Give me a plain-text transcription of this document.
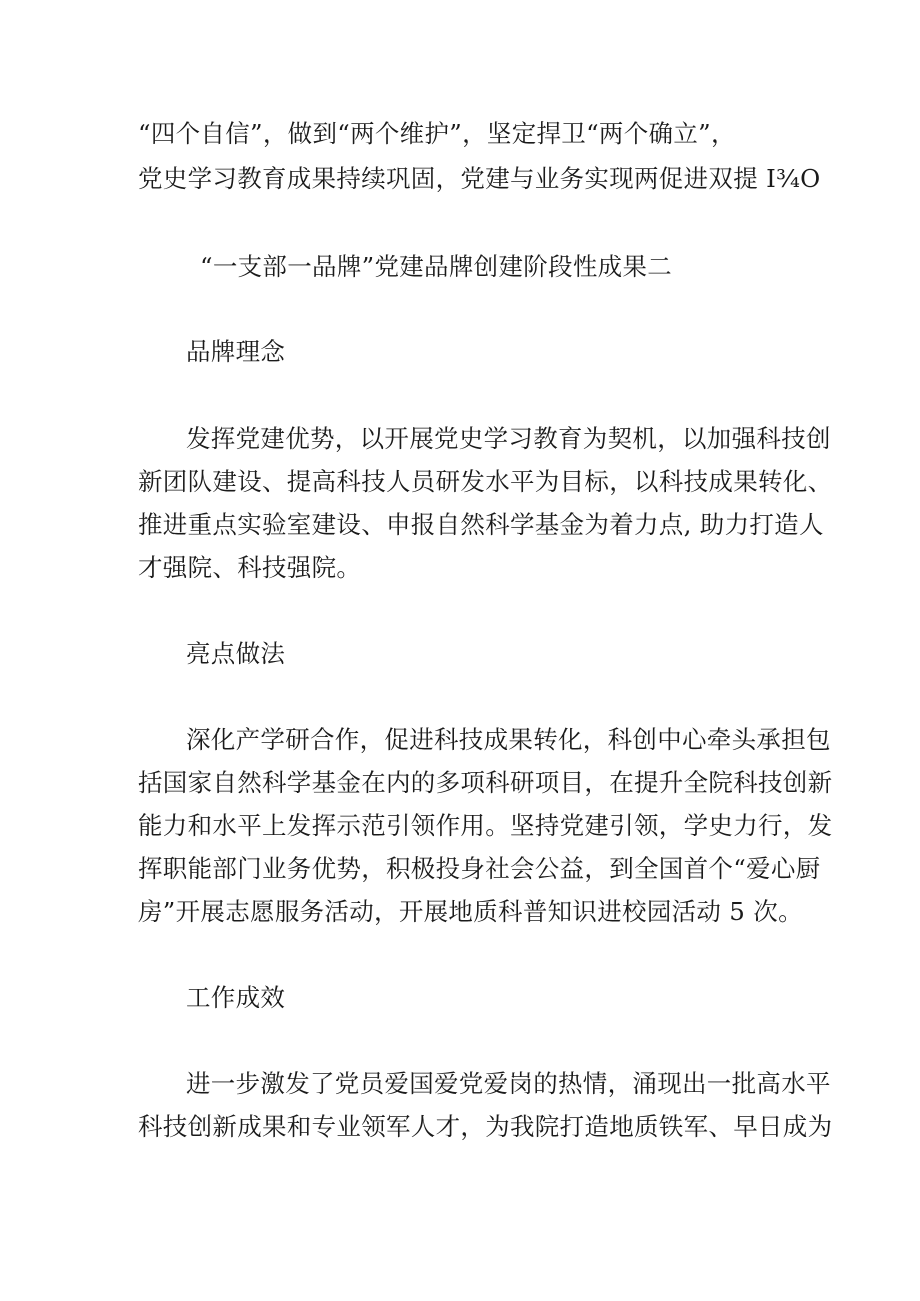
“四个自信”，做到“两个维护”，坚定捍卫“两个确立”，
党史学习教育成果持续巩固，党建与业务实现两促进双提 I¾O
“一支部一品牌”党建品牌创建阶段性成果二
品牌理念
发挥党建优势，以开展党史学习教育为契机，以加强科技创
新团队建设、提高科技人员研发水平为目标，以科技成果转化、
推进重点实验室建设、申报自然科学基金为着力点, 助力打造人
才强院、科技强院。
亮点做法
深化产学研合作，促进科技成果转化，科创中心牵头承担包
括国家自然科学基金在内的多项科研项目，在提升全院科技创新
能力和水平上发挥示范引领作用。坚持党建引领，学史力行，发
挥职能部门业务优势，积极投身社会公益，到全国首个“爱心厨
房”开展志愿服务活动，开展地质科普知识进校园活动 5 次。
工作成效
进一步激发了党员爱国爱党爱岗的热情，涌现出一批高水平
科技创新成果和专业领军人才，为我院打造地质铁军、早日成为
